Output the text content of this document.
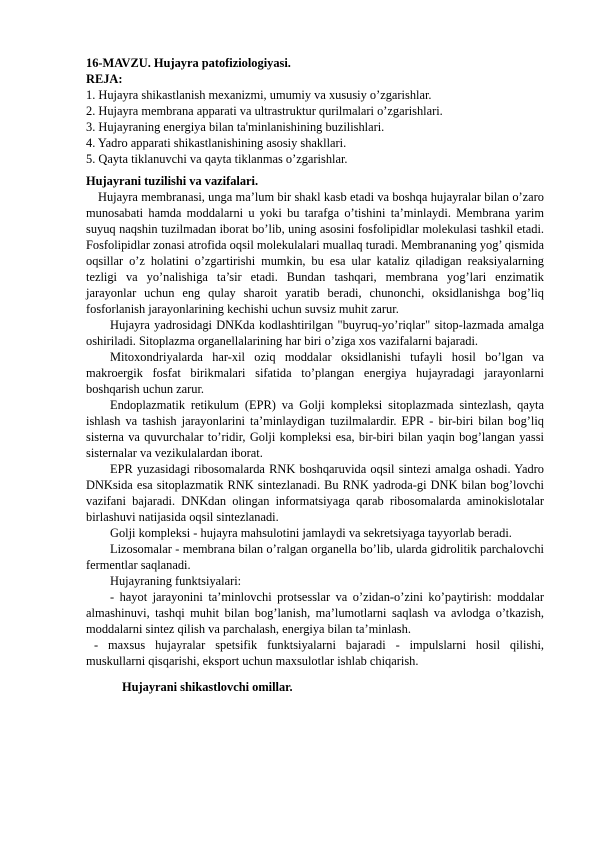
16-MAVZU. Hujayra patofiziologiyasi.

REJA:

1. Hujayra shikastlanish mexanizmi, umumiy va xususiy o’zgarishlar.

2. Hujayra membrana apparati va ultrastruktur qurilmalari o’zgarishlari.

3. Hujayraning energiya bilan ta'minlanishining buzilishlari.

4. Yadro apparati shikastlanishining asosiy shakllari.

5. Qayta tiklanuvchi va qayta tiklanmas o’zgarishlar.

Hujayrani tuzilishi va vazifalari.

Hujayra membranasi, unga ma’lum bir shakl kasb etadi va boshqa hujayralar bilan o’zaro munosabati hamda moddalarni u yoki bu tarafga o’tishini ta’minlaydi. Membrana yarim suyuq naqshin tuzilmadan iborat bo’lib, uning asosini fosfolipidlar molekulasi tashkil etadi. Fosfolipidlar zonasi atrofida oqsil molekulalari muallaq turadi. Membrananing yog’ qismida oqsillar o’z holatini o’zgartirishi mumkin, bu esa ular kataliz qiladigan reaksiyalarning tezligi va yo’nalishiga ta’sir etadi. Bundan tashqari, membrana yog’lari enzimatik jarayonlar uchun eng qulay sharoit yaratib beradi, chunonchi, oksidlanishga bog’liq fosforlanish jarayonlarining kechishi uchun suvsiz muhit zarur.

Hujayra yadrosidagi DNKda kodlashtirilgan "buyruq-yo’riqlar" sitop-lazmada amalga oshiriladi. Sitoplazma organellalarining har biri o’ziga xos vazifalarni bajaradi.

Mitoxondriyalarda har-xil oziq moddalar oksidlanishi tufayli hosil bo’lgan va makroergik fosfat birikmalari sifatida to’plangan energiya hujayradagi jarayonlarni boshqarish uchun zarur.

Endoplazmatik retikulum (EPR) va Golji kompleksi sitoplazmada sintezlash, qayta ishlash va tashish jarayonlarini ta’minlaydigan tuzilmalardir. EPR - bir-biri bilan bog’liq sisterna va quvurchalar to’ridir, Golji kompleksi esa, bir-biri bilan yaqin bog’langan yassi sisternalar va vezikulalardan iborat.

EPR yuzasidagi ribosomalarda RNK boshqaruvida oqsil sintezi amalga oshadi. Yadro DNKsida esa sitoplazmatik RNK sintezlanadi. Bu RNK yadroda-gi DNK bilan bog’lovchi vazifani bajaradi. DNKdan olingan informatsiyaga qarab ribosomalarda aminokislotalar birlashuvi natijasida oqsil sintezlanadi.

Golji kompleksi - hujayra mahsulotini jamlaydi va sekretsiyaga tayyorlab beradi.

Lizosomalar - membrana bilan o’ralgan organella bo’lib, ularda gidrolitik parchalovchi fermentlar saqlanadi.

Hujayraning funktsiyalari:

- hayot jarayonini ta’minlovchi protsesslar va o’zidan-o’zini ko’paytirish: moddalar almashinuvi, tashqi muhit bilan bog’lanish, ma’lumotlarni saqlash va avlodga o’tkazish, moddalarni sintez qilish va parchalash, energiya bilan ta’minlash.

- maxsus hujayralar spetsifik funktsiyalarni bajaradi - impulslarni hosil qilishi, muskullarni qisqarishi, eksport uchun maxsulotlar ishlab chiqarish.

Hujayrani shikastlovchi omillar.
